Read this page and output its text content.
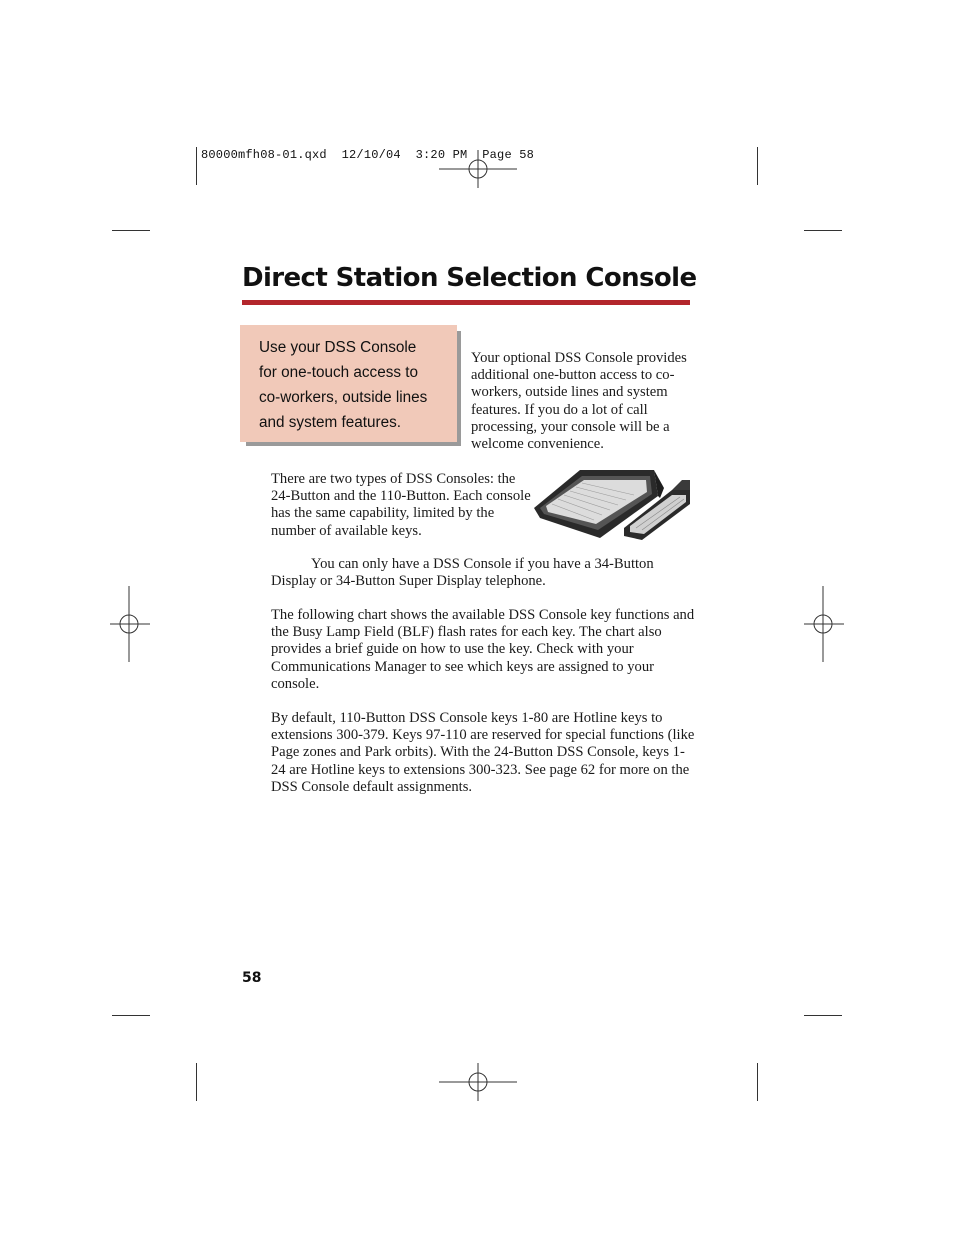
80000mfh08-01.qxd  12/10/04  3:20 PM  Page 58
Direct Station Selection Console
Use your DSS Console
for one-touch access to
co-workers, outside lines
and system features.
Your optional DSS Console provides additional one-button access to co-workers, outside lines and system features. If you do a lot of call processing, your console will be a welcome convenience.
There are two types of DSS Consoles: the 24-Button and the 110-Button. Each console has the same capability, limited by the number of available keys.
You can only have a DSS Console if you have a 34-Button Display or 34-Button Super Display telephone.
The following chart shows the available DSS Console key functions and the Busy Lamp Field (BLF) flash rates for each key. The chart also provides a brief guide on how to use the key. Check with your Communications Manager to see which keys are assigned to your console.
By default, 110-Button DSS Console keys 1-80 are Hotline keys to extensions 300-379. Keys 97-110 are reserved for special functions (like Page zones and Park orbits). With the 24-Button DSS Console, keys 1-24 are Hotline keys to extensions 300-323. See page 62 for more on the DSS Console default assignments.
58
